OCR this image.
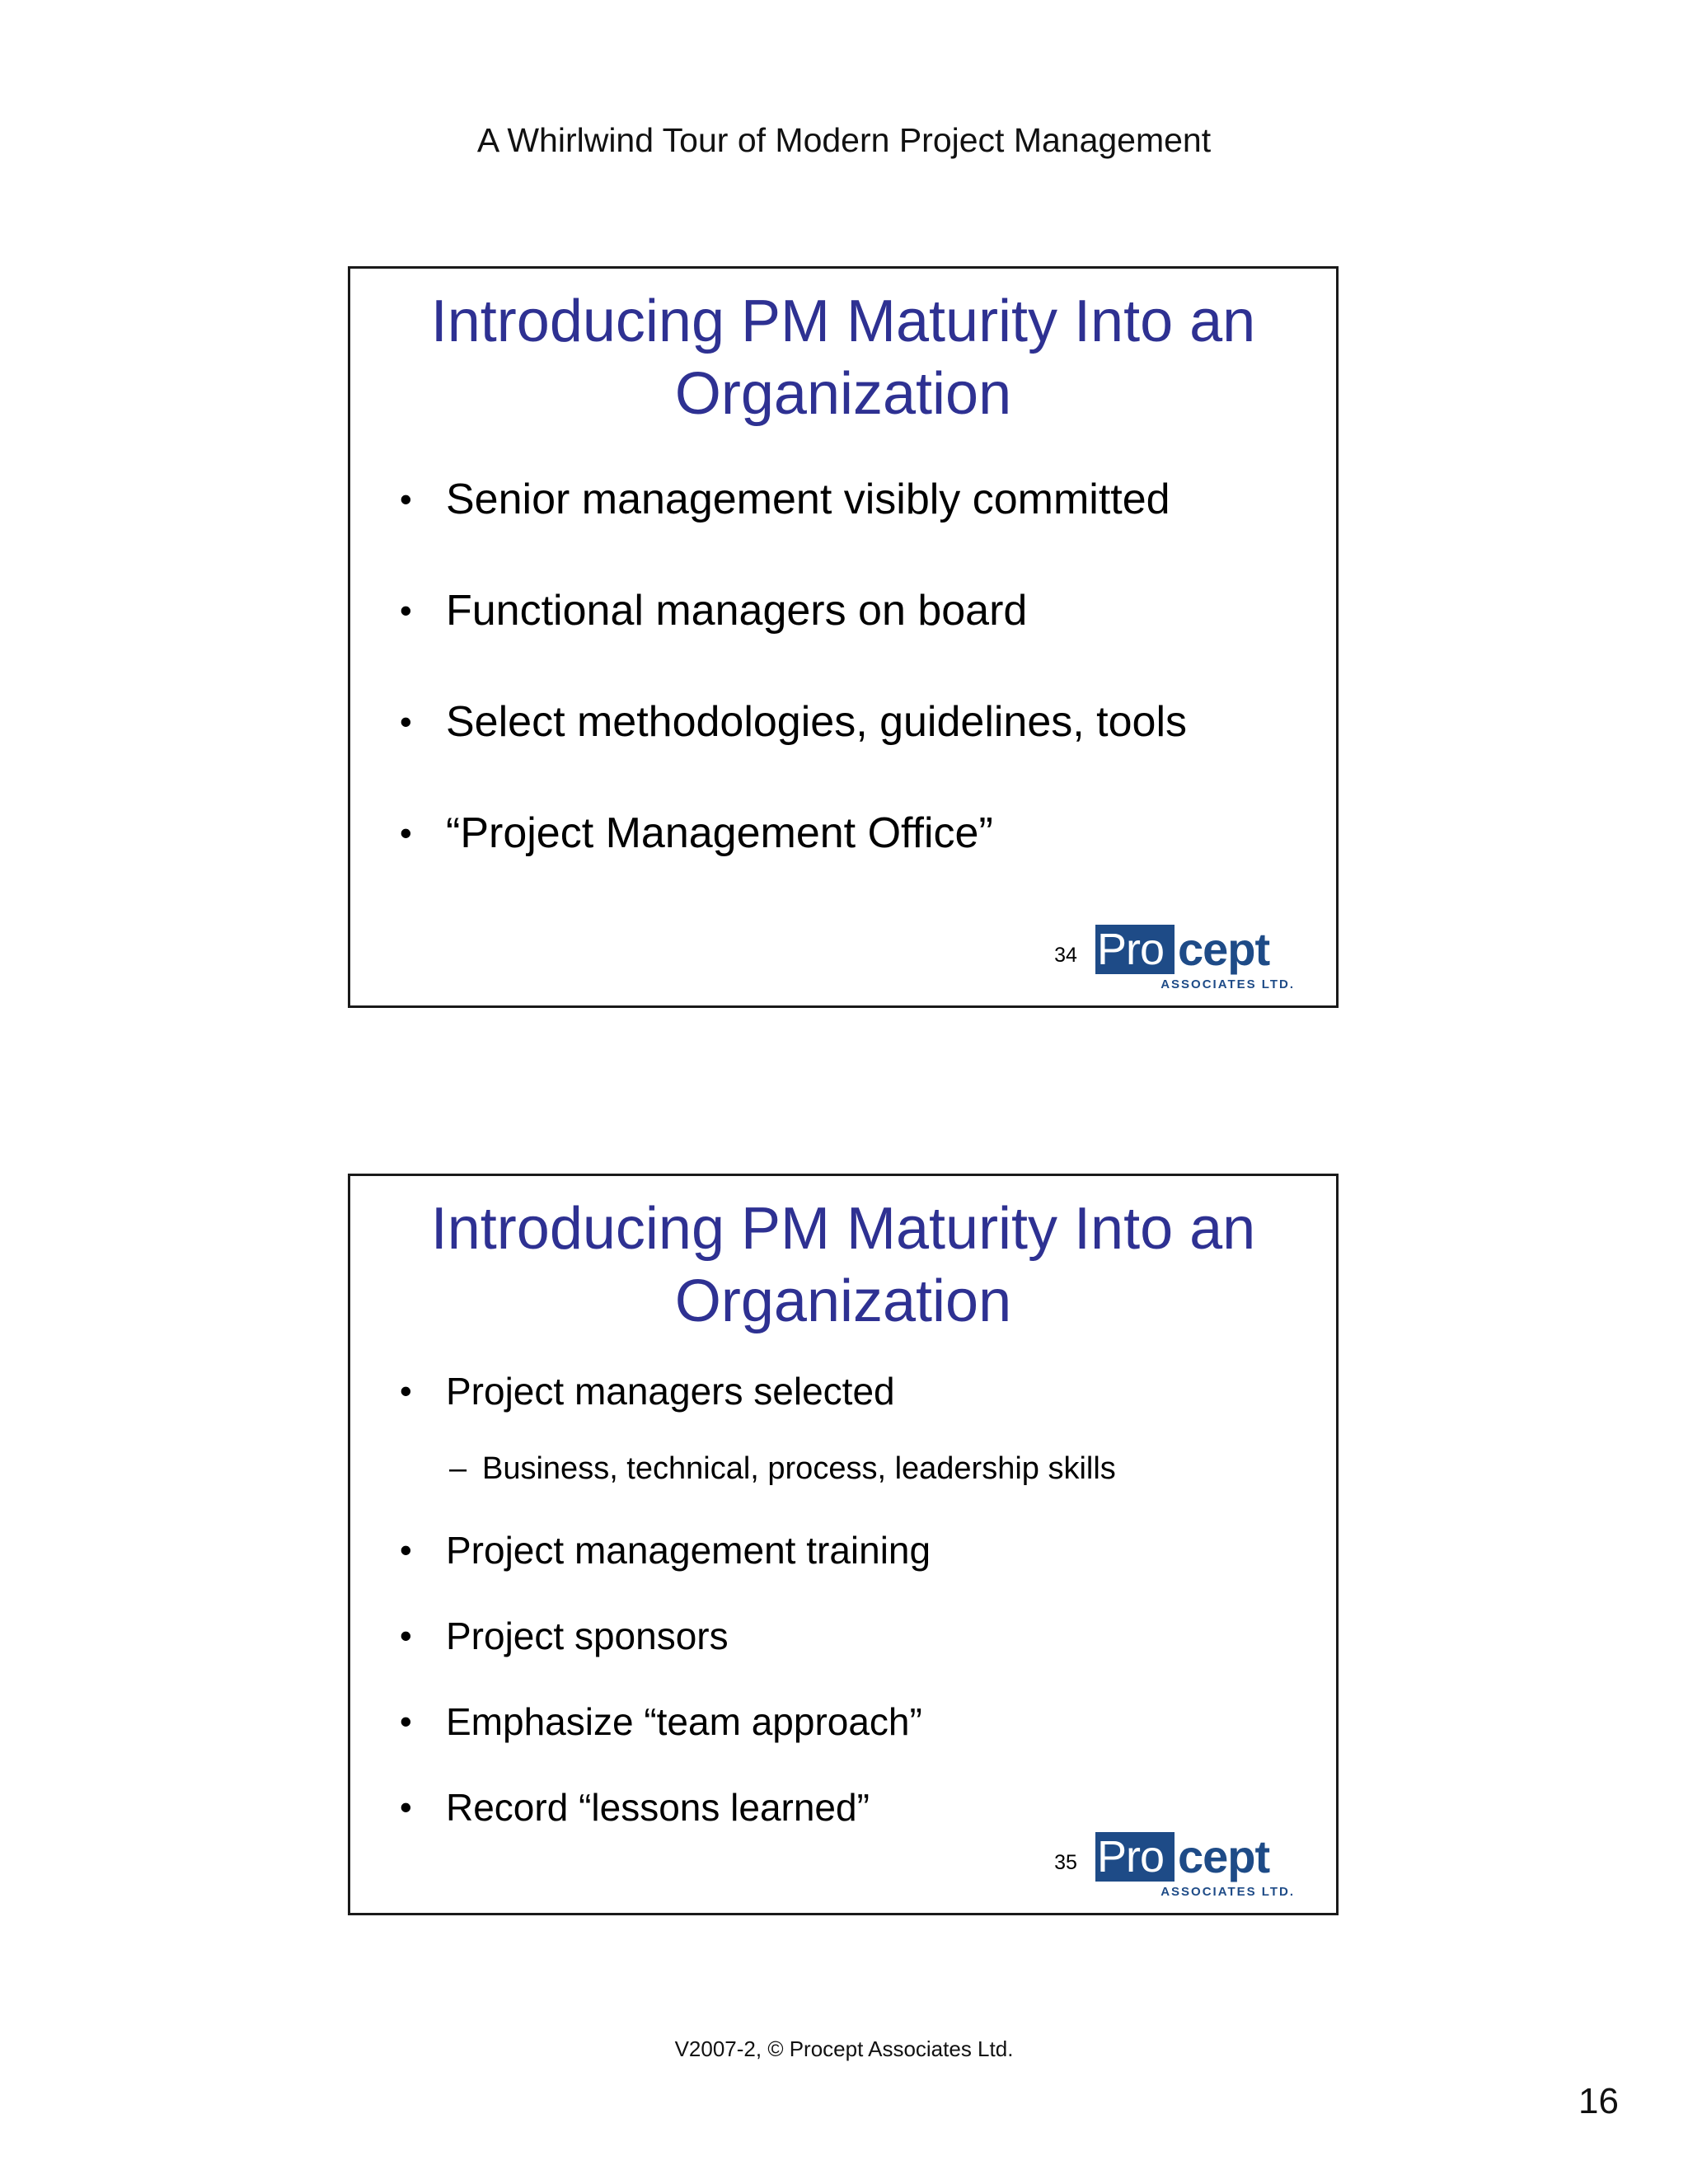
A Whirlwind Tour of Modern Project Management
Introducing PM Maturity Into an
Organization
• Senior management visibly committed
• Functional managers on board
• Select methodologies, guidelines, tools
• “Project Management Office”
34 Pro cept
ASSOCIATES LTD.
Introducing PM Maturity Into an
Organization
• Project managers selected
– Business, technical, process, leadership skills
• Project management training
• Project sponsors
• Emphasize “team approach”
• Record “lessons learned”
35 Pro cept
ASSOCIATES LTD.
V2007-2, © Procept Associates Ltd.
16
